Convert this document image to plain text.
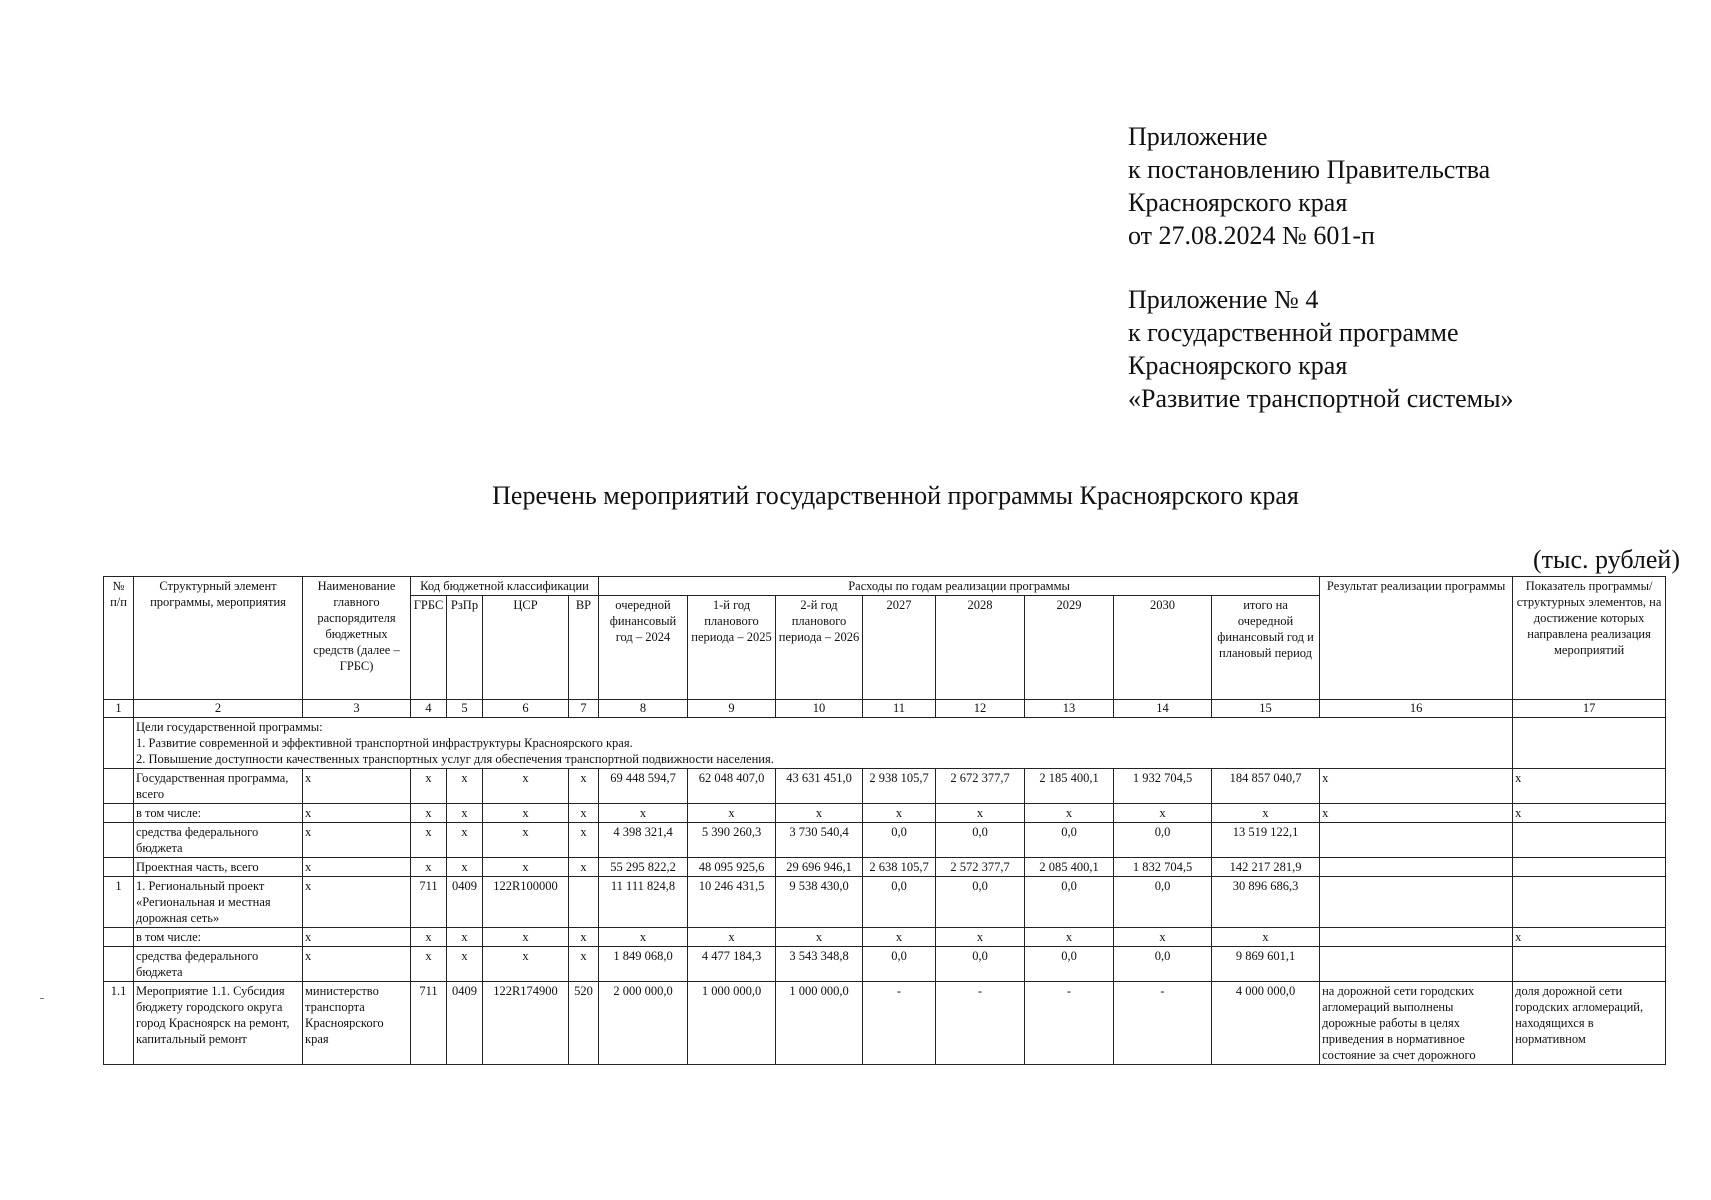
Приложение
к постановлению Правительства
Красноярского края
от 27.08.2024 № 601-п
Приложение № 4
к государственной программе
Красноярского края
«Развитие транспортной системы»
Перечень мероприятий государственной программы Красноярского края
(тыс. рублей)
№ п/п	Структурный элемент программы, мероприятия	Наименование главного распорядителя бюджетных средств (далее – ГРБС)	Код бюджетной классификации				Расходы по годам реализации программы								Результат реализации программы	Показатель программы/ структурных элементов, на достижение которых направлена реализация мероприятий
			ГРБС	РзПр	ЦСР	ВР	очередной финансовый год – 2024	1-й год планового периода – 2025	2-й год планового периода – 2026	2027	2028	2029	2030	итого на очередной финансовый год и плановый период		
1	2	3	4	5	6	7	8	9	10	11	12	13	14	15	16	17

	Цели государственной программы:
1. Развитие современной и эффективной транспортной инфраструктуры Красноярского края.
2. Повышение доступности качественных транспортных услуг для обеспечения транспортной подвижности населения.															

	Государственная программа, всего	x	x	x	x	x	69 448 594,7	62 048 407,0	43 631 451,0	2 938 105,7	2 672 377,7	2 185 400,1	1 932 704,5	184 857 040,7	x	x
	в том числе:	x	x	x	x	x	x	x	x	x	x	x	x	x	x	x
	средства федерального бюджета	x	x	x	x	x	4 398 321,4	5 390 260,3	3 730 540,4	0,0	0,0	0,0	0,0	13 519 122,1		
	Проектная часть, всего	x	x	x	x	x	55 295 822,2	48 095 925,6	29 696 946,1	2 638 105,7	2 572 377,7	2 085 400,1	1 832 704,5	142 217 281,9		
1	1. Региональный проект «Региональная и местная дорожная сеть»	x	711	0409	122R100000		11 111 824,8	10 246 431,5	9 538 430,0	0,0	0,0	0,0	0,0	30 896 686,3		
	в том числе:	x	x	x	x	x	x	x	x	x	x	x	x	x		x
	средства федерального бюджета	x	x	x	x	x	1 849 068,0	4 477 184,3	3 543 348,8	0,0	0,0	0,0	0,0	9 869 601,1		
1.1	Мероприятие 1.1. Субсидия бюджету городского округа город Красноярск на ремонт, капитальный ремонт	министерство транспорта Красноярского края	711	0409	122R174900	520	2 000 000,0	1 000 000,0	1 000 000,0	-	-	-	-	4 000 000,0	на дорожной сети городских агломераций выполнены дорожные работы в целях приведения в нормативное состояние за счет дорожного	доля дорожной сети городских агломераций, находящихся в нормативном
